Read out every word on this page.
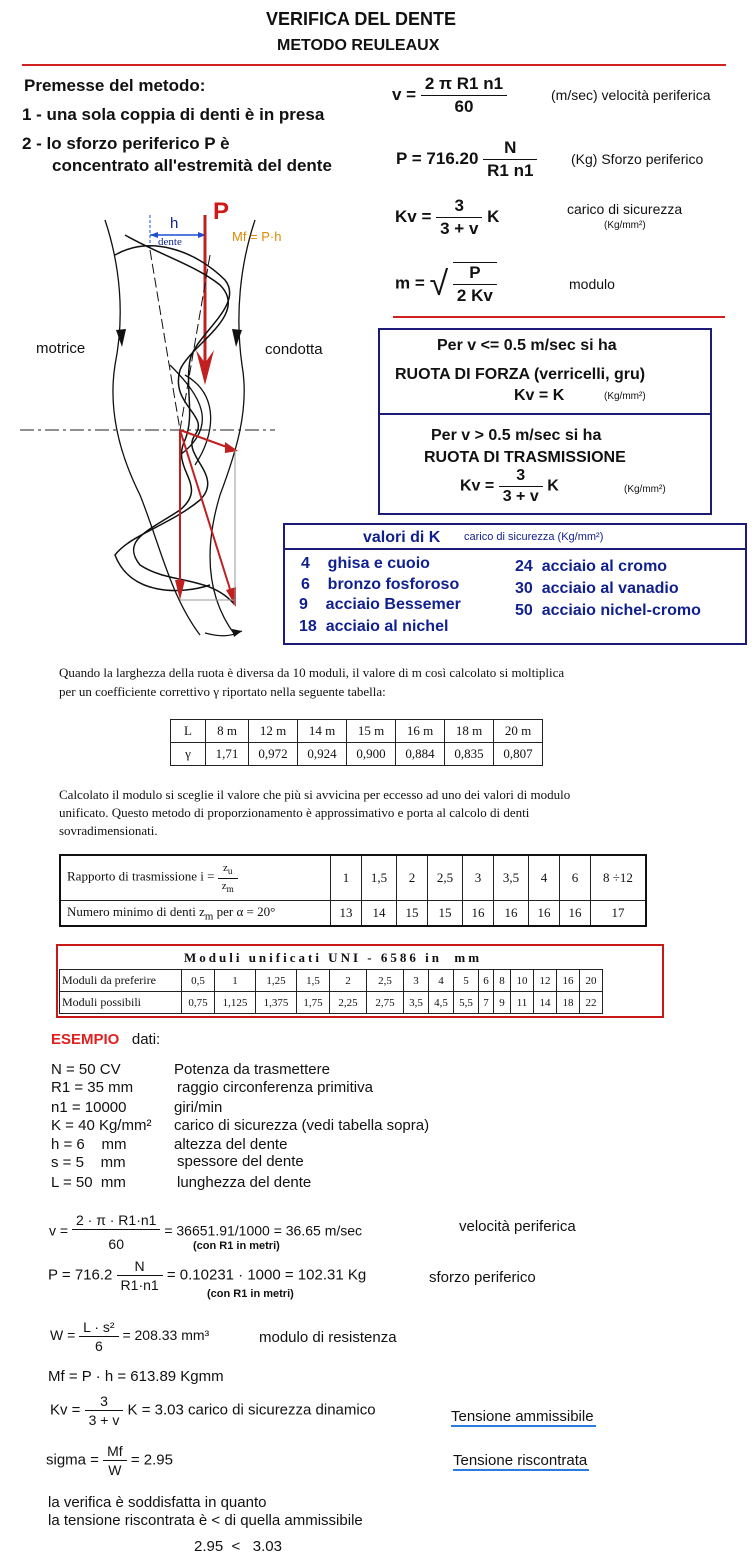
VERIFICA DEL DENTE
METODO REULEAUX
Premesse del metodo:
1 - una sola coppia di denti è in presa
2 - lo sforzo periferico P è
concentrato all'estremità del dente
P
h
dente	Mf = P·h
motrice	condotta
$v = \frac{\text{2 π R1 n1}}{60}$	(m/sec) velocità periferica
$P = 716.20 \frac{N}{R1 n1} (Kg)$ Sforzo periferico
$Kv = \frac{3}{3 + v}$ K	carico di sicurezza
(Kg/mm²)
m = √ $\frac{P}{2 Kv}$	modulo
Per v <= 0.5 m/sec si ha
RUOTA DI FORZA (verricelli, gru)
Kv = K	(Kg/mm²)
Per v > 0.5 m/sec si ha
RUOTA DI TRASMISSIONE
$Kv = \frac{3}{3 + v}$ K	(Kg/mm²)
valori di K carico di sicurezza (Kg/mm²)
4    ghisa e cuoio
6    bronzo fosforoso
9    acciaio Bessemer
18  acciaio al nichel
24  acciaio al cromo
30  acciaio al vanadio
50  acciaio nichel-cromo
Quando la larghezza della ruota è diversa da 10 moduli, il valore di m così calcolato si moltiplica
per un coefficiente correttivo γ riportato nella seguente tabella:
L	8 m	12 m	14 m	15 m	16 m	18 m	20 m
γ	1,71	0,972	0,924	0,900	0,884	0,835	0,807
Calcolato il modulo si sceglie il valore che più si avvicina per eccesso ad uno dei valori di modulo
unificato. Questo metodo di proporzionamento è approssimativo e porta al calcolo di denti
sovradimensionati.
Rapporto di trasmissione $i = \frac{z_u}{z_m}$	1	1,5	2	2,5	3	3,5	4	6	8 ÷12
Numero minimo di denti $z_m$ per α = 20°	13	14	15	15	16	16	16	16	17
Moduli unificati UNI - 6586 in  mm
Moduli da preferire	0,5	1	1,25	1,5	2	2,5	3	4	5	6	8	10	12	16	20
Moduli possibili	0,75	1,125	1,375	1,75	2,25	2,75	3,5	4,5	5,5	7	9	11	14	18	22
ESEMPIO dati:
N = 50 CV	Potenza da trasmettere
R1 = 35 mm	raggio circonferenza primitiva
n1 = 10000	giri/min
K = 40 Kg/mm² carico di sicurezza (vedi tabella sopra)
h = 6    mm	altezza del dente
s = 5    mm	spessore del dente
L = 50  mm	lunghezza del dente
$v = \frac{2 \cdot \pi \cdot R1\cdot n1}{60} = 36651.91/1000 = 36.65$ m/sec
(con R1 in metri)
velocità periferica
$P = 716.2 \frac{N}{R1\cdot n1} = 0.10231 \cdot 1000 = 102.31$ Kg
(con R1 in metri)
sforzo periferico
$W = \frac{\text{L · s²}}{6} = 208.33$ mm³	modulo di resistenza
Mf = P · h = 613.89 Kgmm
$Kv = \frac{3}{3 + v}$ K = 3.03 carico di sicurezza dinamico	Tensione ammissibile
sigma = $\frac{Mf}{W} = 2.95$	Tensione riscontrata
la verifica è soddisfatta in quanto
la tensione riscontrata è < di quella ammissibile
2.95  <   3.03
